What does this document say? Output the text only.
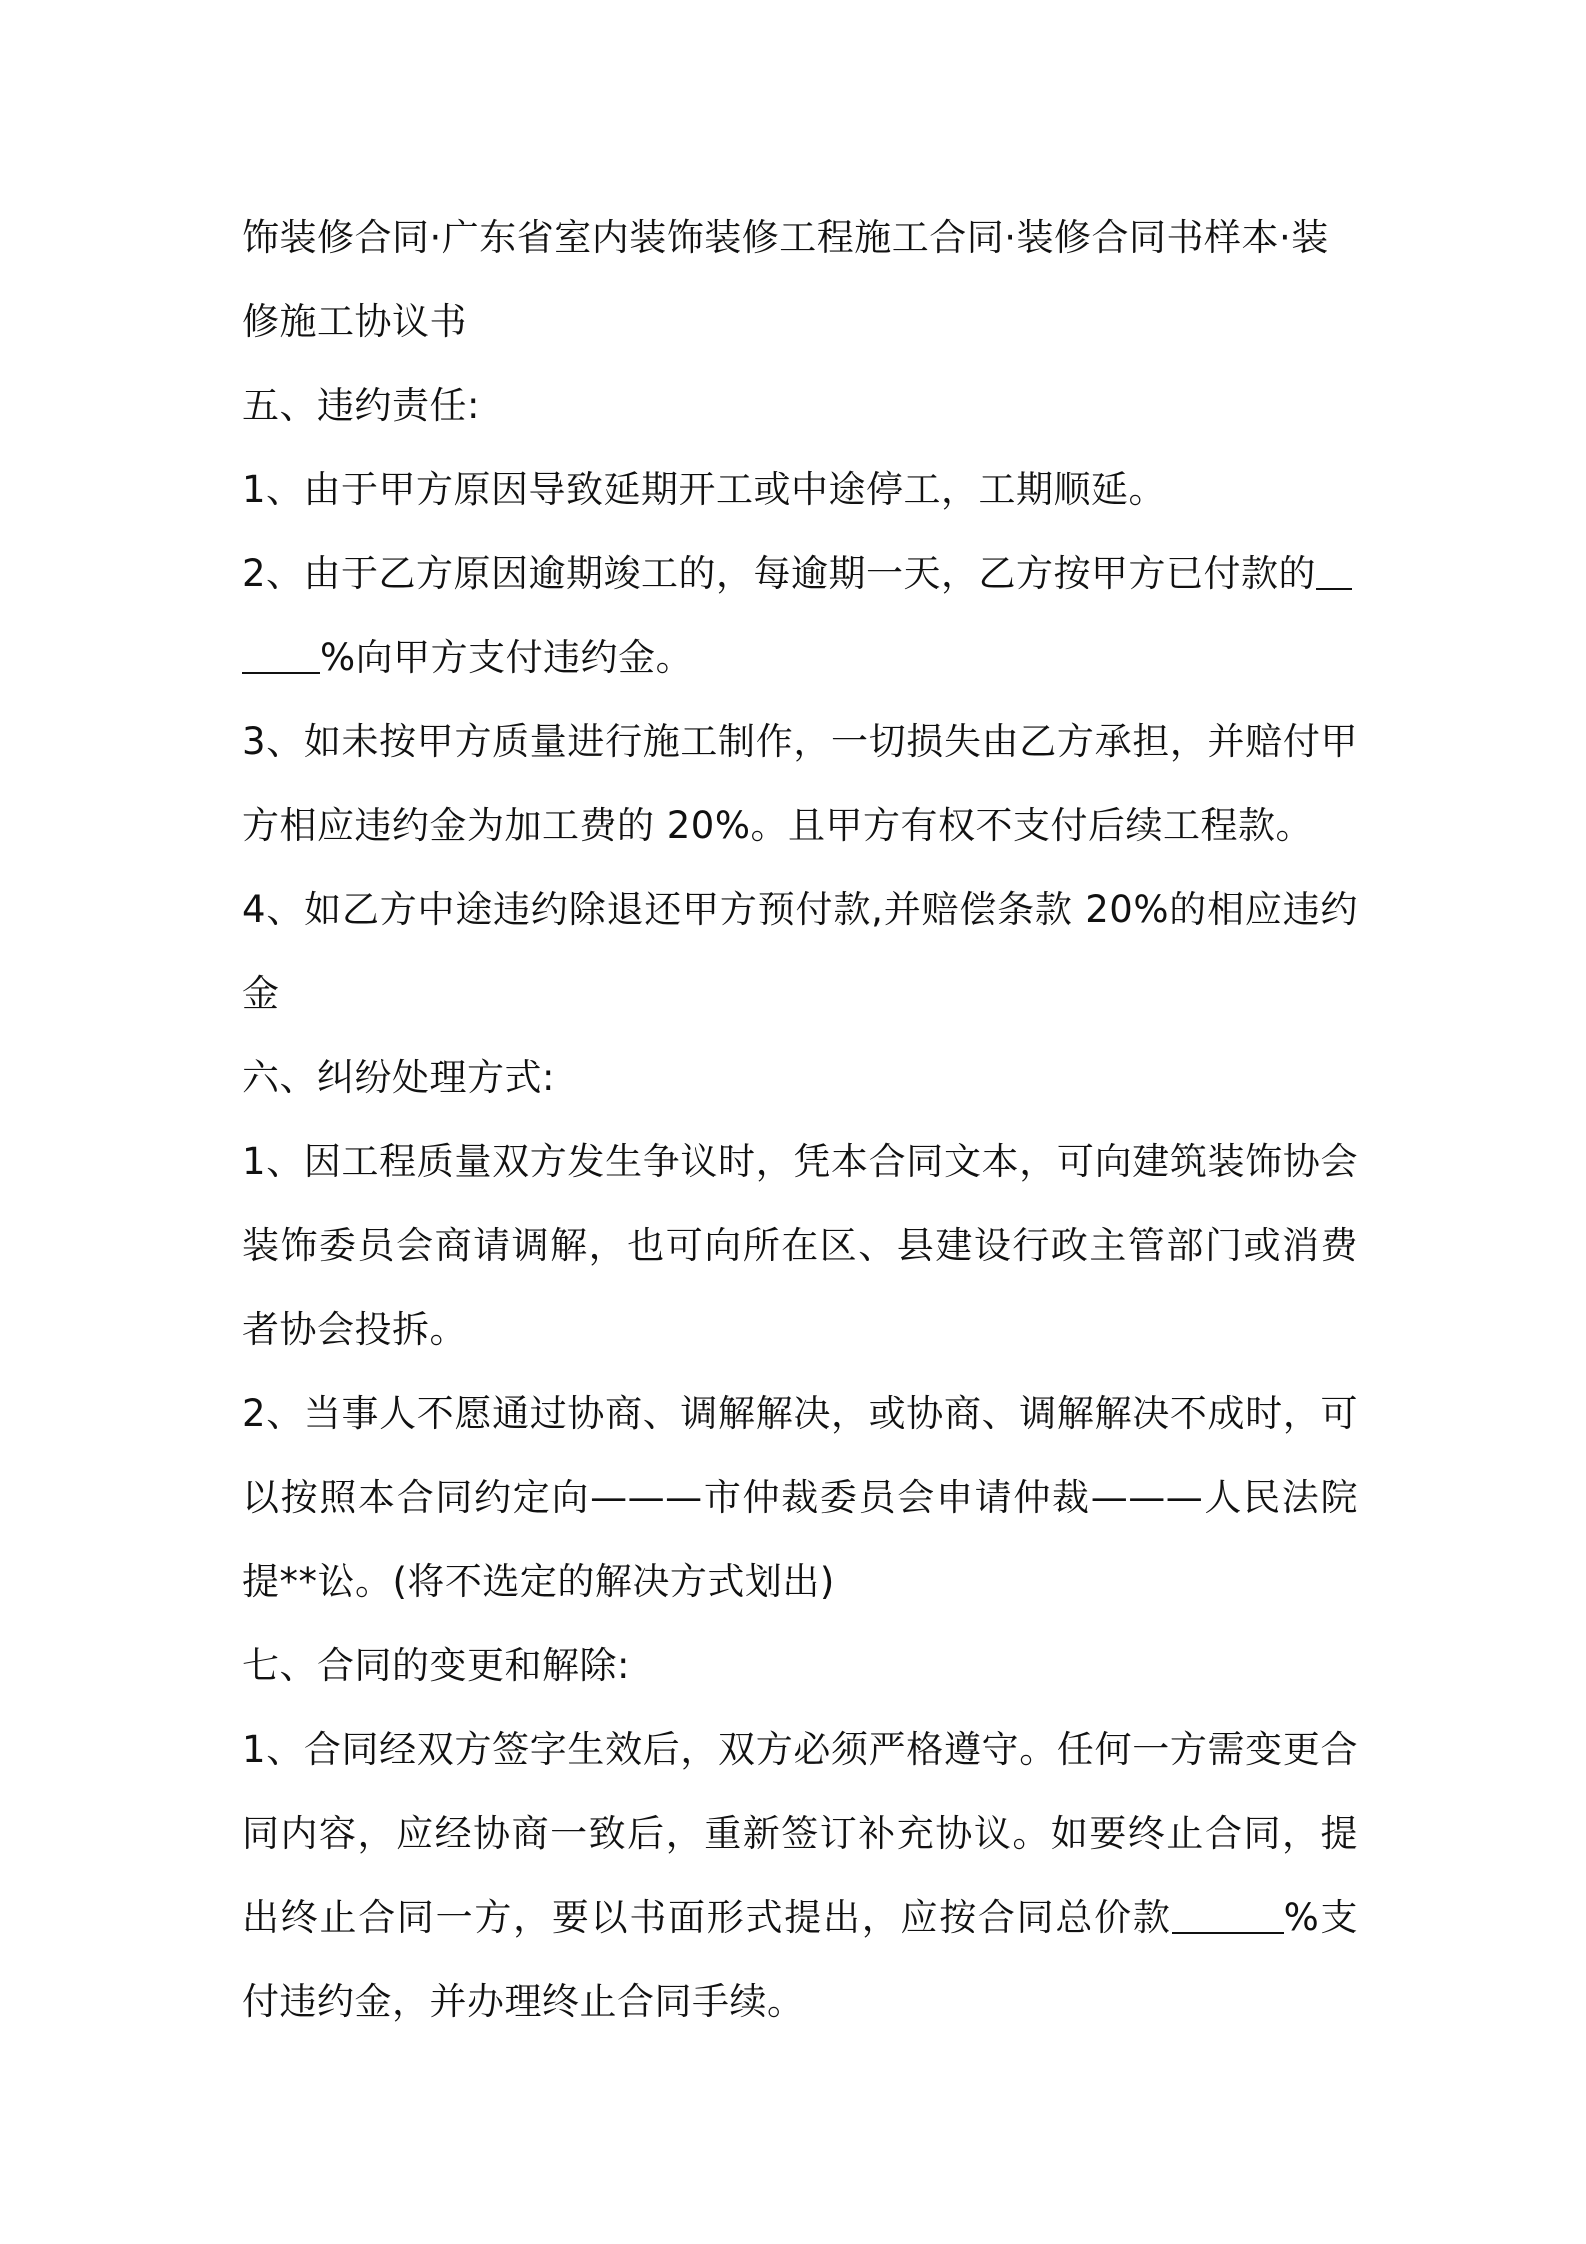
饰装修合同·广东省室内装饰装修工程施工合同·装修合同书样本·装
修施工协议书

五、违约责任:

1、由于甲方原因导致延期开工或中途停工，工期顺延。

2、由于乙方原因逾期竣工的，每逾期一天，乙方按甲方已付款的
%向甲方支付违约金。

3、如未按甲方质量进行施工制作，一切损失由乙方承担，并赔付甲方相应违约金为加工费的 20%。且甲方有权不支付后续工程款。

4、如乙方中途违约除退还甲方预付款,并赔偿条款 20%的相应违约金

六、纠纷处理方式:

1、因工程质量双方发生争议时，凭本合同文本，可向建筑装饰协会装饰委员会商请调解，也可向所在区、县建设行政主管部门或消费者协会投拆。

2、当事人不愿通过协商、调解解决，或协商、调解解决不成时，可以按照本合同约定向———市仲裁委员会申请仲裁———人民法院提**讼。(将不选定的解决方式划出)

七、合同的变更和解除:

1、合同经双方签字生效后，双方必须严格遵守。任何一方需变更合同内容，应经协商一致后，重新签订补充协议。如要终止合同，提出终止合同一方，要以书面形式提出，应按合同总价款	%支付违约金，并办理终止合同手续。
